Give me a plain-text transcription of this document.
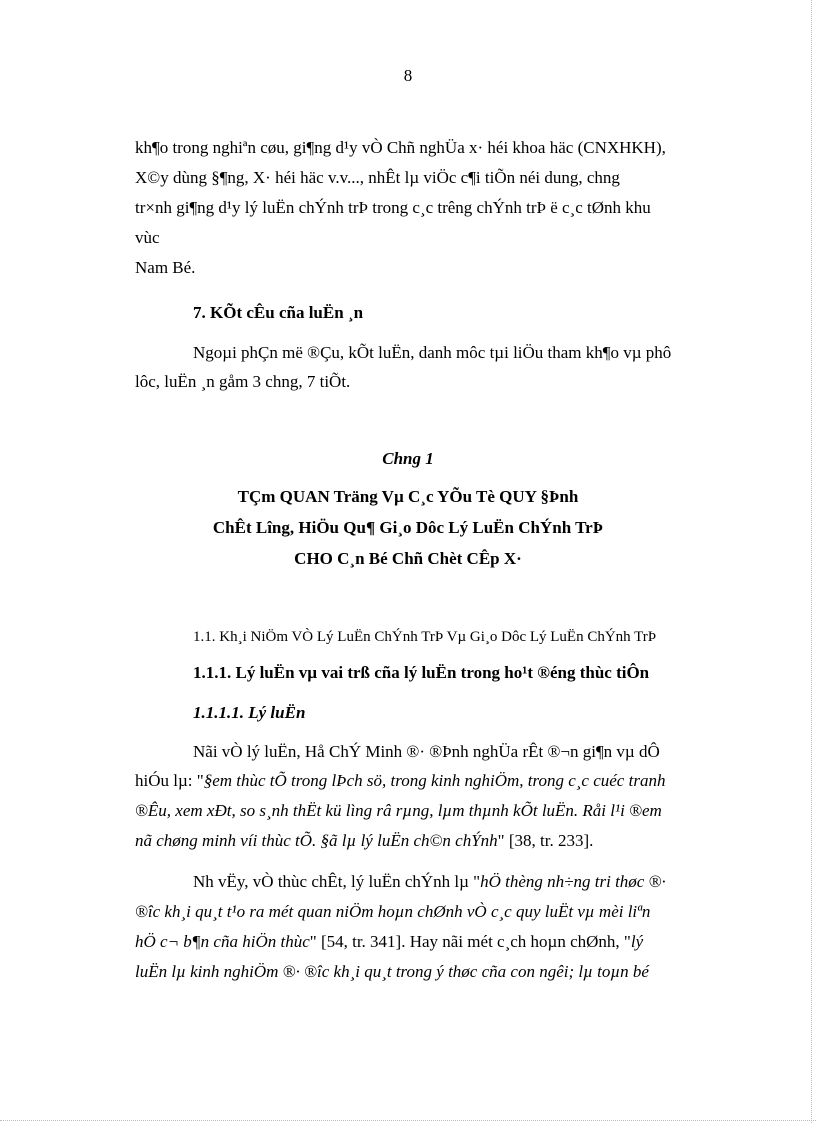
8
kh¶o trong nghiªn cøu, gi¶ng d¹y vÒ Chñ nghÜa x· héi khoa häc (CNXHKH),
X©y dùng §¶ng, X· héi häc v.v..., nhÊt lµ viÖc c¶i tiÕn néi dung, chng
tr×nh gi¶ng d¹y lý luËn chÝnh trÞ trong c¸c trêng chÝnh trÞ ë c¸c tØnh khu
vùc
Nam Bé.
7. KÕt cÊu cña luËn ¸n
Ngoµi phÇn më ®Çu, kÕt luËn, danh môc tµi liÖu tham kh¶o vµ phô
lôc, luËn ¸n gåm 3 chng, 7 tiÕt.
Chng 1
TÇm QUAN Träng Vµ C¸c YÕu Tè QUY §Þnh
ChÊt Lîng, HiÖu Qu¶ Gi¸o Dôc Lý LuËn ChÝnh TrÞ
CHO C¸n Bé Chñ Chèt CÊp X·
1.1. Kh¸i NiÖm VÒ Lý LuËn ChÝnh TrÞ Vµ Gi¸o Dôc Lý LuËn ChÝnh TrÞ
1.1.1. Lý luËn vµ vai trß cña lý luËn trong ho¹t ®éng thùc tiÔn
1.1.1.1. Lý luËn
Nãi vÒ lý luËn, Hå ChÝ Minh ®· ®Þnh nghÜa rÊt ®¬n gi¶n vµ dÔ
hiÓu lµ: "§em thùc tÕ trong lÞch sö, trong kinh nghiÖm, trong c¸c cuéc tranh
®Êu, xem xÐt, so s¸nh thËt kü lìng râ rµng, lµm thµnh kÕt luËn. Råi l¹i ®em
nã chøng minh víi thùc tÕ. §ã lµ lý luËn ch©n chÝnh" [38, tr. 233].
Nh vËy, vÒ thùc chÊt, lý luËn chÝnh lµ "hÖ thèng nh÷ng tri thøc ®·
®îc kh¸i qu¸t t¹o ra mét quan niÖm hoµn chØnh vÒ c¸c quy luËt vµ mèi liªn
hÖ c¬ b¶n cña hiÖn thùc" [54, tr. 341]. Hay nãi mét c¸ch hoµn chØnh, "lý
luËn lµ kinh nghiÖm ®· ®îc kh¸i qu¸t trong ý thøc cña con ngêi; lµ toµn bé
